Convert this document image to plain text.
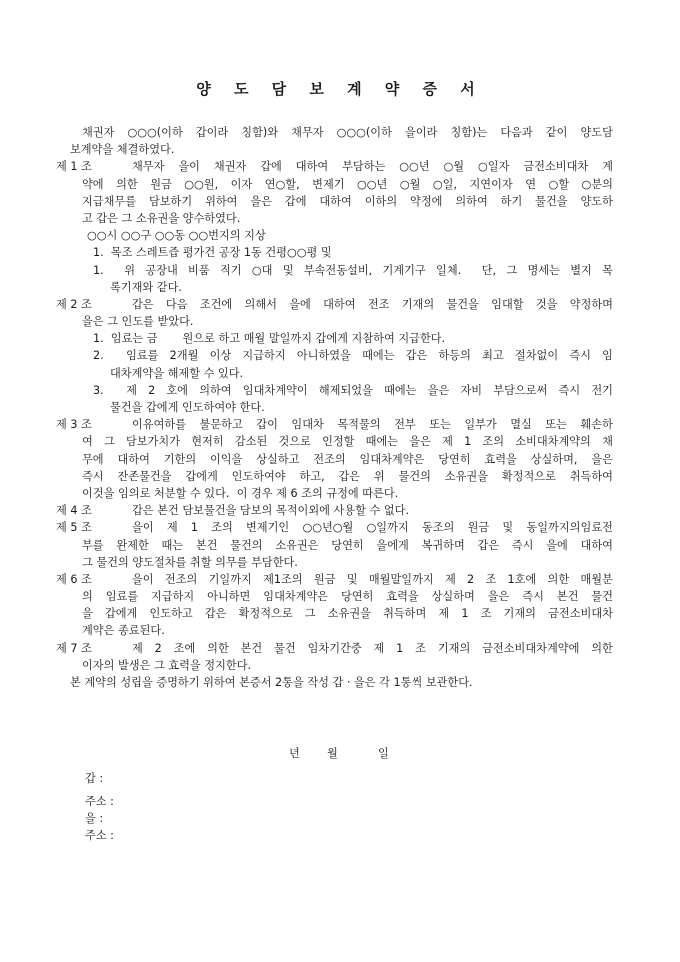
양 도 담 보 계 약 증 서
채권자 ○○○(이하 갑이라 칭함)와 채무자 ○○○(이하 을이라 칭함)는 다음과 같이 양도담
보계약을 체결하였다.
제 1 조	채무자 을이 채권자 갑에 대하여 부담하는 ○○년 ○월 ○일자 금전소비대차 계
약에 의한 원금 ○○원, 이자 연○할, 변제기 ○○년 ○월 ○일, 지연이자 연 ○할 ○분의
지급채무를 담보하기 위하여 을은 갑에 대하여 이하의 약정에 의하여 하기 물건을 양도하
고 갑은 그 소유권을 양수하였다.
○○시 ○○구 ○○동 ○○번지의 지상
1.  목조 스레트즙 평가건 공장 1동 건평○○평 및
1. 위 공장내 비품 직기 ○대 및 부속전동설비, 기계기구 일체. 단, 그 명세는 별지 목
록기재와 같다.
제 2 조	갑은 다음 조건에 의해서 을에 대하여 전조 기재의 물건을 임대할 것을 약정하며
을은 그 인도를 받았다.
1.  임료는 금       원으로 하고 매월 말일까지 갑에게 지참하여 지급한다.
2. 임료를 2개월 이상 지급하지 아니하였을 때에는 갑은 하등의 최고 절차없이 즉시 임
대차계약을 해제할 수 있다.
3. 제 2 호에 의하여 임대차계약이 해제되었을 때에는 을은 자비 부담으로써 즉시 전기
물건을 갑에게 인도하여야 한다.
제 3 조	이유여하를 불문하고 갑이 임대차 목적물의 전부 또는 일부가 멸실 또는 훼손하
여 그 담보가치가 현저히 감소된 것으로 인정할 때에는 을은 제 1 조의 소비대차계약의 채
무에 대하여 기한의 이익을 상실하고 전조의 임대차계약은 당연히 효력을 상실하며, 을은
즉시 잔존물건을 갑에게 인도하여야 하고, 갑은 위 물건의 소유권을 확정적으로 취득하여
이것을 임의로 처분할 수 있다.  이 경우 제 6 조의 규정에 따른다.
제 4 조	갑은 본건 담보물건을 담보의 목적이외에 사용할 수 없다.
제 5 조	을이 제 1 조의 변제기인 ○○년○월 ○일까지 동조의 원금 및 동일까지의임료전
부를 완제한 때는 본건 물건의 소유권은 당연히 을에게 복귀하며 갑은 즉시 을에 대하여
그 물건의 양도절차를 취할 의무를 부담한다.
제 6 조	을이 전조의 기일까지 제1조의 원금 및 매월말일까지 제 2 조 1호에 의한 매월분
의 임료를 지급하지 아니하면 임대차계약은 당연히 효력을 상실하며 을은 즉시 본건 물건
을 갑에게 인도하고 갑은 확정적으로 그 소유권을 취득하며 제 1 조 기재의 금전소비대차
계약은 종료된다.
제 7 조	제 2 조에 의한 본건 물건 임차기간중 제 1 조 기재의 금전소비대차계약에 의한
이자의 발생은 그 효력을 정지한다.
본 계약의 성립을 증명하기 위하여 본증서 2통을 작성 갑 · 을은 각 1통씩 보관한다.
년 월	일
갑 :
주소 :
을 :
주소 :
